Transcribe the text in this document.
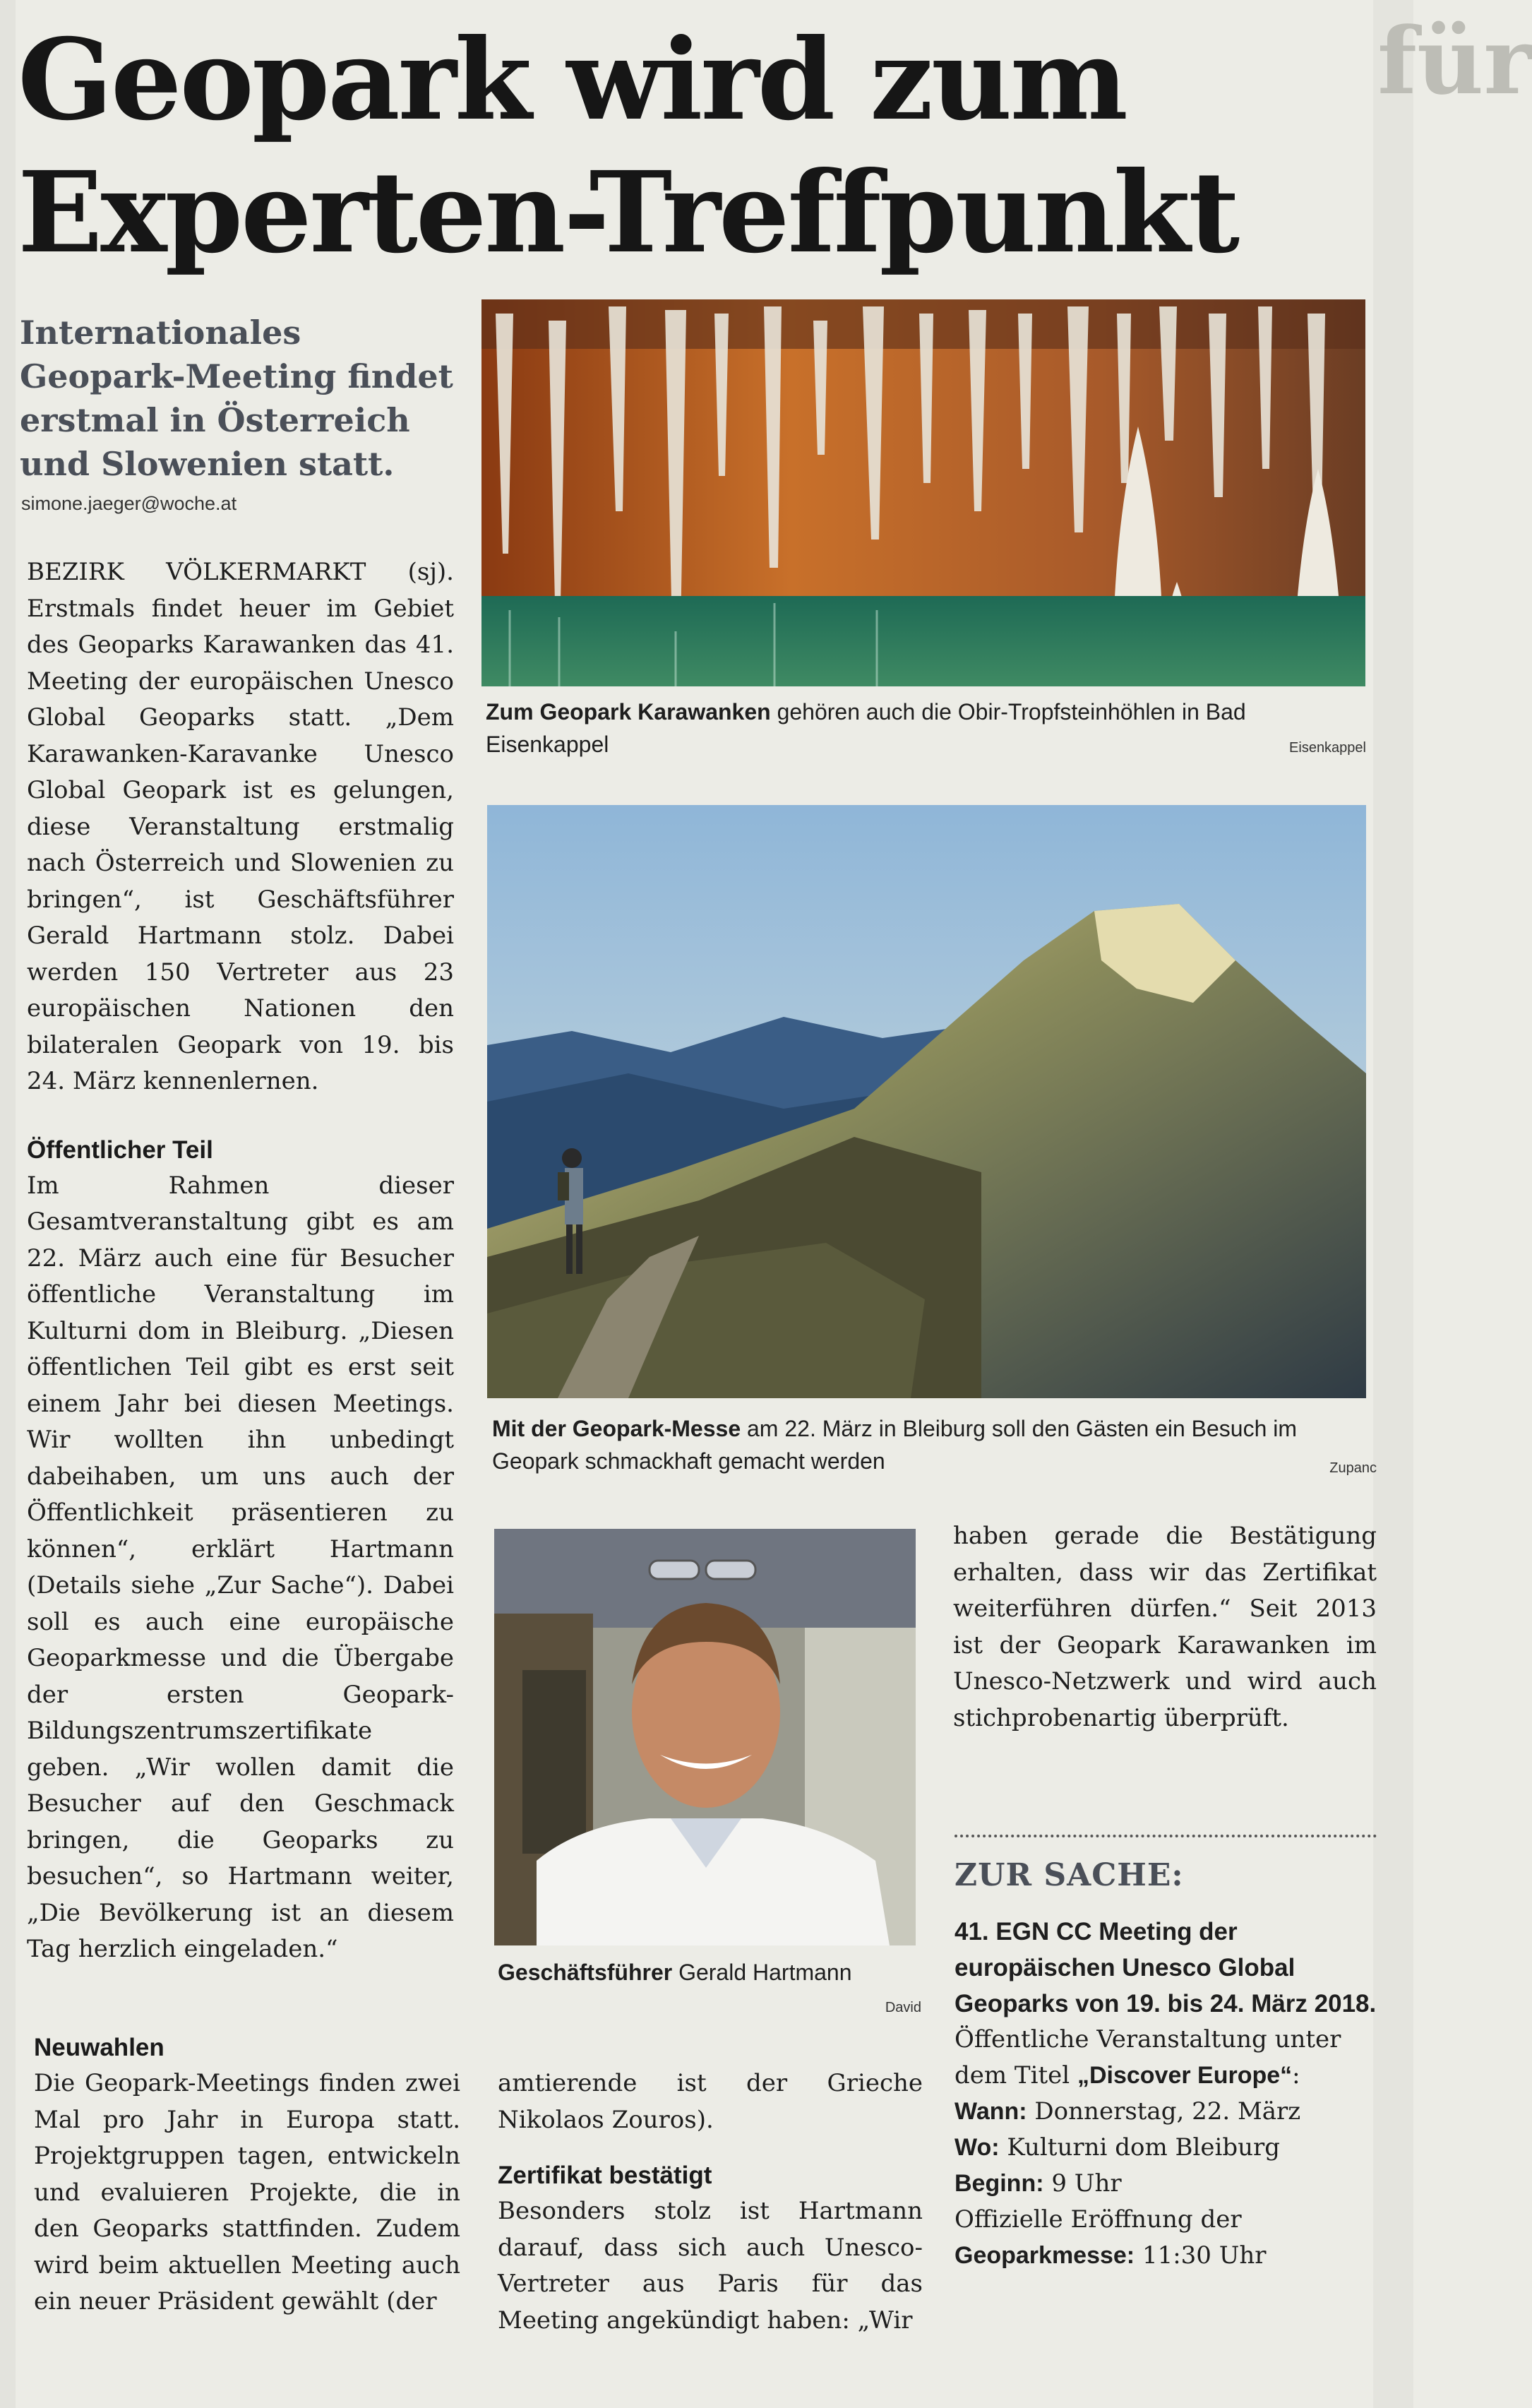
für
Geopark wird zum
Experten-Treffpunkt
Internationales Geopark-Meeting findet erstmal in Österreich und Slowenien statt.
simone.jaeger@woche.at

BEZIRK VÖLKERMARKT (sj). Erstmals findet heuer im Gebiet des Geoparks Karawanken das 41. Meeting der europäischen Unesco Global Geoparks statt. „Dem Karawanken-Karavanke Unesco Global Geopark ist es gelungen, diese Veranstaltung erstmalig nach Österreich und Slowenien zu bringen“, ist Geschäftsführer Gerald Hartmann stolz. Dabei werden 150 Vertreter aus 23 europäischen Nationen den bilateralen Geopark von 19. bis 24. März kennenlernen.

Öffentlicher Teil

Im Rahmen dieser Gesamtveranstaltung gibt es am 22. März auch eine für Besucher öffentliche Veranstaltung im Kulturni dom in Bleiburg. „Diesen öffentlichen Teil gibt es erst seit einem Jahr bei diesen Meetings. Wir wollten ihn unbedingt dabeihaben, um uns auch der Öffentlichkeit präsentieren zu können“, erklärt Hartmann (Details siehe „Zur Sache“). Dabei soll es auch eine europäische Geoparkmesse und die Übergabe der ersten Geopark-Bildungszentrumszertifikate geben. „Wir wollen damit die Besucher auf den Geschmack bringen, die Geoparks zu besuchen“, so Hartmann weiter, „Die Bevölkerung ist an diesem Tag herzlich eingeladen.“

Neuwahlen

Die Geopark-Meetings finden zwei Mal pro Jahr in Europa statt. Projektgruppen tagen, entwickeln und evaluieren Projekte, die in den Geoparks stattfinden. Zudem wird beim aktuellen Meeting auch ein neuer Präsident gewählt (der

Zum Geopark Karawanken gehören auch die Obir-Tropfsteinhöhlen in Bad Eisenkappel	Eisenkappel
Mit der Geopark-Messe am 22. März in Bleiburg soll den Gästen ein Besuch im Geopark schmackhaft gemacht werden	Zupanc
Geschäftsführer Gerald Hartmann
David

amtierende ist der Grieche Nikolaos Zouros).

Zertifikat bestätigt

Besonders stolz ist Hartmann darauf, dass sich auch Unesco-Vertreter aus Paris für das Meeting angekündigt haben: „Wir

haben gerade die Bestätigung erhalten, dass wir das Zertifikat weiterführen dürfen.“ Seit 2013 ist der Geopark Karawanken im Unesco-Netzwerk und wird auch stichprobenartig überprüft.

ZUR SACHE:

41. EGN CC Meeting der europäischen Unesco Global Geoparks von 19. bis 24. März 2018.

Öffentliche Veranstaltung unter dem Titel „Discover Europe“:

Wann: Donnerstag, 22. März

Wo: Kulturni dom Bleiburg

Beginn: 9 Uhr

Offizielle Eröffnung der Geoparkmesse: 11:30 Uhr
